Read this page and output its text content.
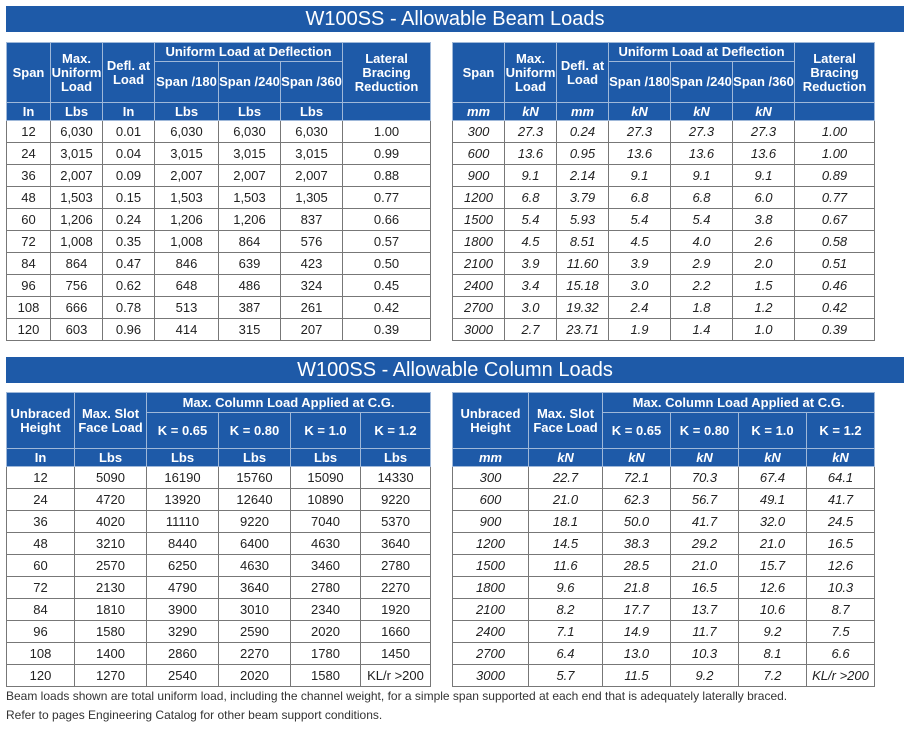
W100SS - Allowable Beam Loads
Span	Max. Uniform Load	Defl. at Load	Uniform Load at Deflection			Lateral Bracing Reduction
			Span /180	Span /240	Span /360	
In	Lbs	In	Lbs	Lbs	Lbs	
12	6,030	0.01	6,030	6,030	6,030	1.00
24	3,015	0.04	3,015	3,015	3,015	0.99
36	2,007	0.09	2,007	2,007	2,007	0.88
48	1,503	0.15	1,503	1,503	1,305	0.77
60	1,206	0.24	1,206	1,206	837	0.66
72	1,008	0.35	1,008	864	576	0.57
84	864	0.47	846	639	423	0.50
96	756	0.62	648	486	324	0.45
108	666	0.78	513	387	261	0.42
120	603	0.96	414	315	207	0.39
Span	Max. Uniform Load	Defl. at Load	Uniform Load at Deflection			Lateral Bracing Reduction
			Span /180	Span /240	Span /360	
mm	kN	mm	kN	kN	kN	
300	27.3	0.24	27.3	27.3	27.3	1.00
600	13.6	0.95	13.6	13.6	13.6	1.00
900	9.1	2.14	9.1	9.1	9.1	0.89
1200	6.8	3.79	6.8	6.8	6.0	0.77
1500	5.4	5.93	5.4	5.4	3.8	0.67
1800	4.5	8.51	4.5	4.0	2.6	0.58
2100	3.9	11.60	3.9	2.9	2.0	0.51
2400	3.4	15.18	3.0	2.2	1.5	0.46
2700	3.0	19.32	2.4	1.8	1.2	0.42
3000	2.7	23.71	1.9	1.4	1.0	0.39
W100SS - Allowable Column Loads
Unbraced Height	Max. Slot Face Load	Max. Column Load Applied at C.G.			
		K = 0.65	K = 0.80	K = 1.0	K = 1.2
In	Lbs	Lbs	Lbs	Lbs	Lbs
12	5090	16190	15760	15090	14330
24	4720	13920	12640	10890	9220
36	4020	11110	9220	7040	5370
48	3210	8440	6400	4630	3640
60	2570	6250	4630	3460	2780
72	2130	4790	3640	2780	2270
84	1810	3900	3010	2340	1920
96	1580	3290	2590	2020	1660
108	1400	2860	2270	1780	1450
120	1270	2540	2020	1580	KL/r >200
Unbraced Height	Max. Slot Face Load	Max. Column Load Applied at C.G.			
		K = 0.65	K = 0.80	K = 1.0	K = 1.2
mm	kN	kN	kN	kN	kN
300	22.7	72.1	70.3	67.4	64.1
600	21.0	62.3	56.7	49.1	41.7
900	18.1	50.0	41.7	32.0	24.5
1200	14.5	38.3	29.2	21.0	16.5
1500	11.6	28.5	21.0	15.7	12.6
1800	9.6	21.8	16.5	12.6	10.3
2100	8.2	17.7	13.7	10.6	8.7
2400	7.1	14.9	11.7	9.2	7.5
2700	6.4	13.0	10.3	8.1	6.6
3000	5.7	11.5	9.2	7.2	KL/r >200
Beam loads shown are total uniform load, including the channel weight, for a simple span supported at each end that is adequately laterally braced.
Refer to pages Engineering Catalog for other beam support conditions.
